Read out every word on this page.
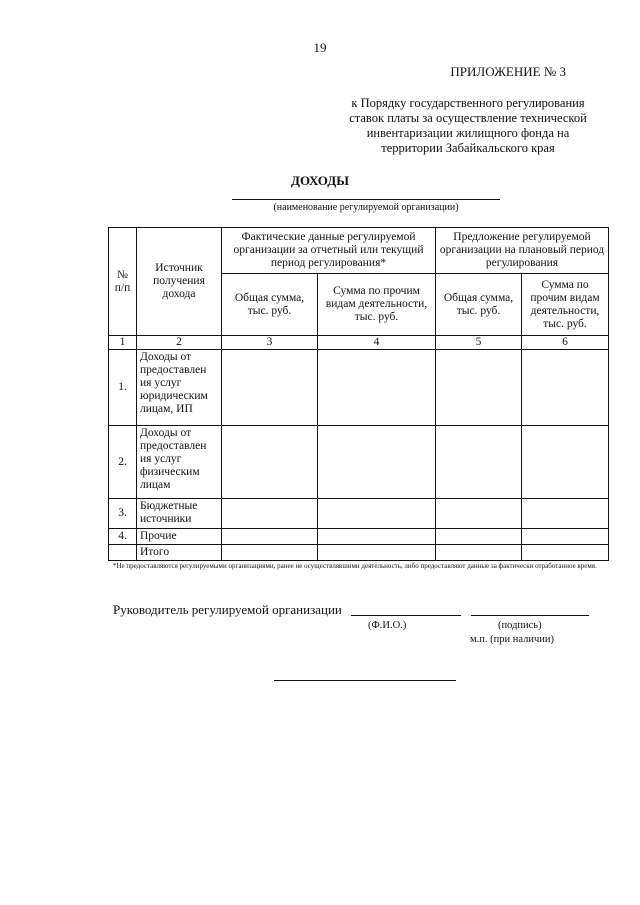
19
ПРИЛОЖЕНИЕ № 3
к Порядку государственного регулирования
ставок платы за осуществление технической
инвентаризации жилищного фонда на
территории Забайкальского края
ДОХОДЫ
(наименование регулируемой организации)
№ п/п	Источник получения дохода	Фактические данные регулируемой организации за отчетный или текущий период регулирования*		Предложение регулируемой организации на плановый период регулирования	
		Общая сумма, тыс. руб.	Сумма по прочим видам деятельности, тыс. руб.	Общая сумма, тыс. руб.	Сумма по прочим видам деятельности, тыс. руб.
1	2	3	4	5	6
1.	Доходы от предоставлен ия услуг юридическим лицам, ИП				
2.	Доходы от предоставлен ия услуг физическим лицам				
3.	Бюджетные источники				
4.	Прочие				
	Итого				
*Не предоставляются регулируемыми организациями, ранее не осуществлявшими деятельность, либо предоставляют данные за фактически отработанное время.
Руководитель регулируемой организации
(Ф.И.О.)	(подпись)
м.п. (при наличии)
